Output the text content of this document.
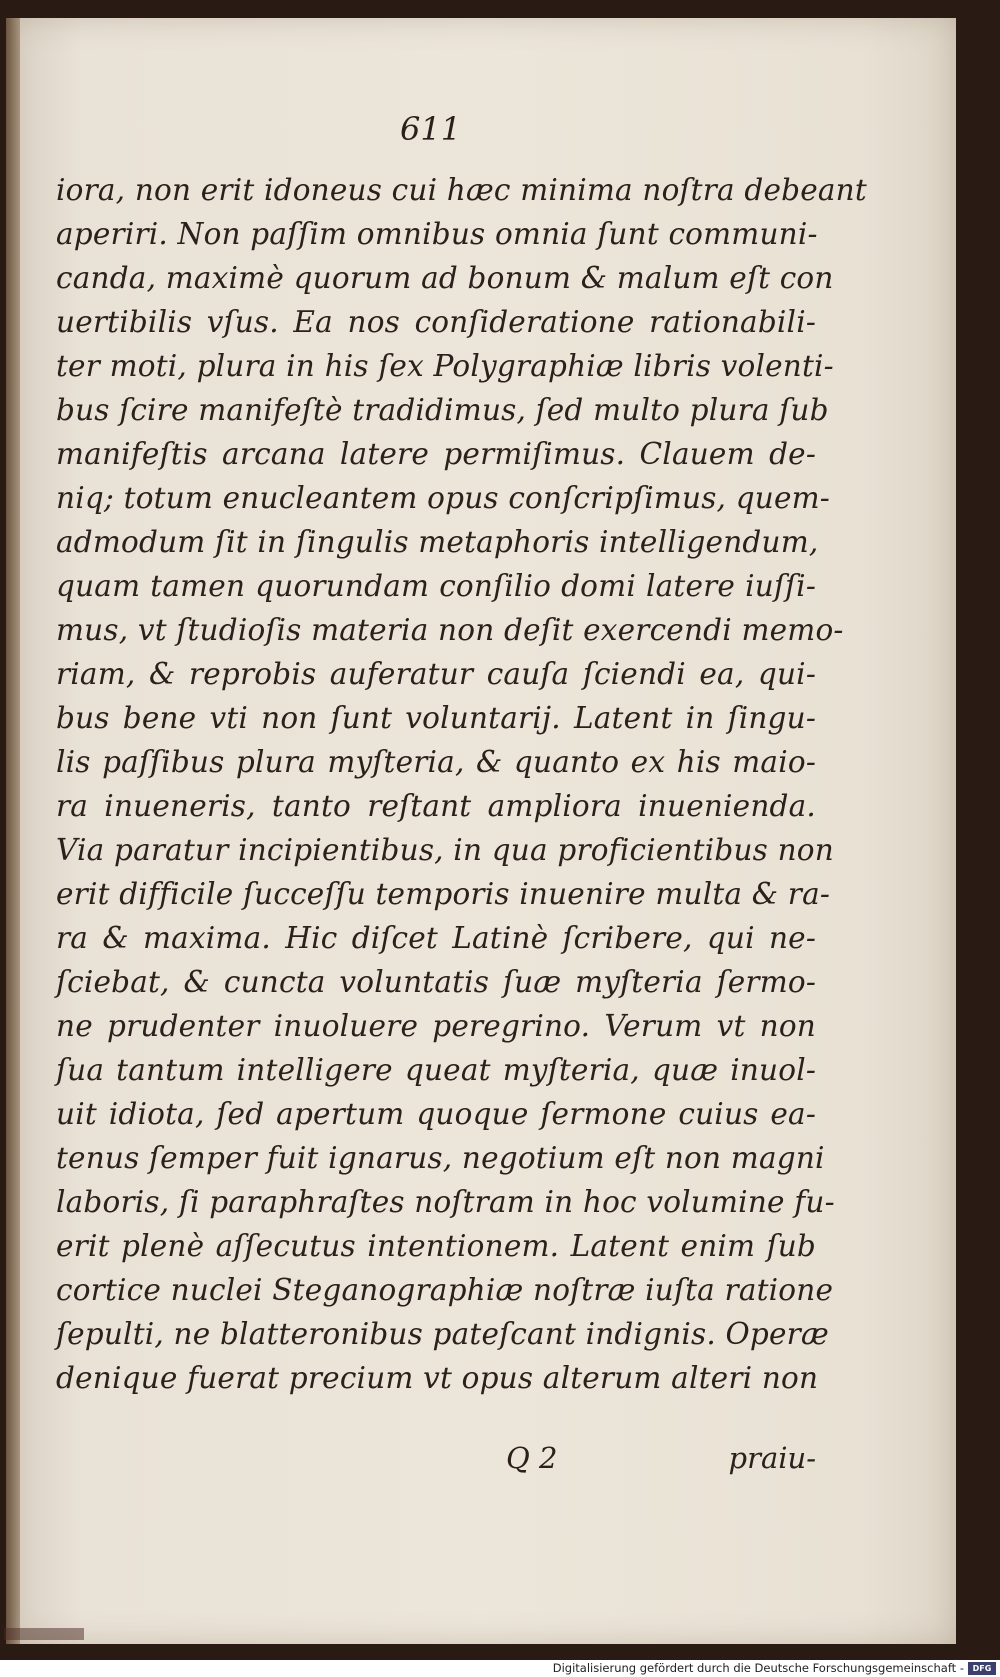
611
iora, non erit idoneus cui hæc minima noſtra debeant
aperiri. Non paſſim omnibus omnia ſunt communi-
canda, maximè quorum ad bonum & malum eſt con
uertibilis vſus. Ea nos conſideratione rationabili-
ter moti, plura in his ſex Polygraphiæ libris volenti-
bus ſcire manifeſtè tradidimus, ſed multo plura ſub
manifeſtis arcana latere permiſimus. Clauem de-
niq; totum enucleantem opus conſcripſimus, quem-
admodum ſit in ſingulis metaphoris intelligendum,
quam tamen quorundam conſilio domi latere iuſſi-
mus, vt ſtudioſis materia non deſit exercendi memo-
riam, & reprobis auferatur cauſa ſciendi ea, qui-
bus bene vti non ſunt voluntarij. Latent in ſingu-
lis paſſibus plura myſteria, & quanto ex his maio-
ra inueneris, tanto reſtant ampliora inuenienda.
Via paratur incipientibus, in qua proficientibus non
erit difficile ſucceſſu temporis inuenire multa & ra-
ra & maxima. Hic diſcet Latinè ſcribere, qui ne-
ſciebat, & cuncta voluntatis ſuæ myſteria ſermo-
ne prudenter inuoluere peregrino. Verum vt non
ſua tantum intelligere queat myſteria, quæ inuol-
uit idiota, ſed apertum quoque ſermone cuius ea-
tenus ſemper fuit ignarus, negotium eſt non magni
laboris, ſi paraphraſtes noſtram in hoc volumine fu-
erit plenè aſſecutus intentionem. Latent enim ſub
cortice nuclei Steganographiæ noſtræ iuſta ratione
ſepulti, ne blatteronibus pateſcant indignis. Operæ
denique fuerat precium vt opus alterum alteri non
Q 2	praiu-
Digitalisierung gefördert durch die Deutsche Forschungsgemeinschaft -	DFG
